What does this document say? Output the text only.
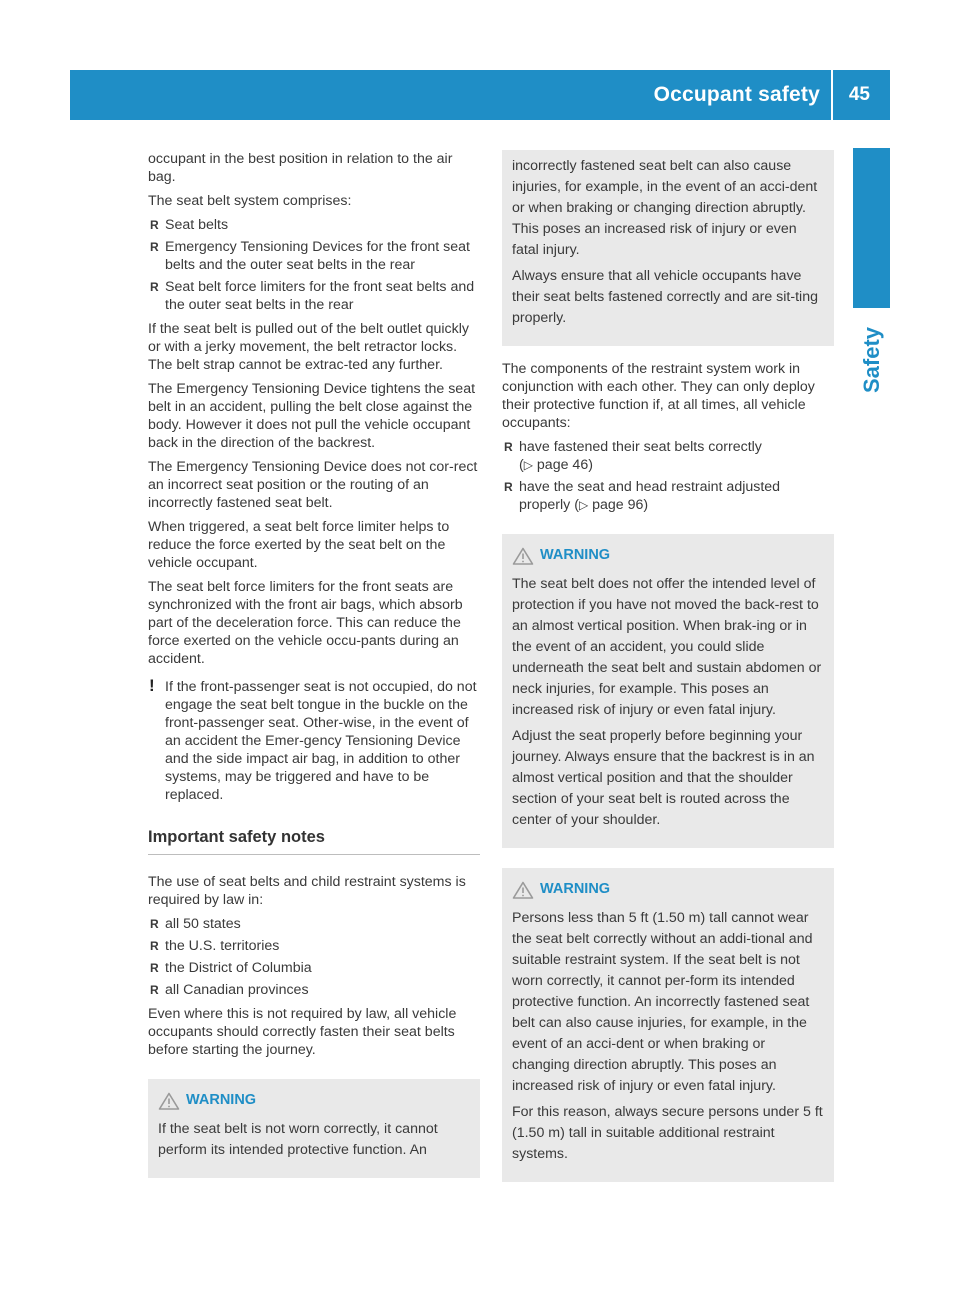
Occupant safety 45
Safety

occupant in the best position in relation to the air bag.

The seat belt system comprises:

R Seat belts
R Emergency Tensioning Devices for the front seat belts and the outer seat belts in the rear
R Seat belt force limiters for the front seat belts and the outer seat belts in the rear

If the seat belt is pulled out of the belt outlet quickly or with a jerky movement, the belt retractor locks. The belt strap cannot be extrac-ted any further.

The Emergency Tensioning Device tightens the seat belt in an accident, pulling the belt close against the body. However it does not pull the vehicle occupant back in the direction of the backrest.

The Emergency Tensioning Device does not cor-rect an incorrect seat position or the routing of an incorrectly fastened seat belt.

When triggered, a seat belt force limiter helps to reduce the force exerted by the seat belt on the vehicle occupant.

The seat belt force limiters for the front seats are synchronized with the front air bags, which absorb part of the deceleration force. This can reduce the force exerted on the vehicle occu-pants during an accident.

! If the front-passenger seat is not occupied, do not engage the seat belt tongue in the buckle on the front-passenger seat. Other-wise, in the event of an accident the Emer-gency Tensioning Device and the side impact air bag, in addition to other systems, may be triggered and have to be replaced.
Important safety notes

The use of seat belts and child restraint systems is required by law in:

R all 50 states
R the U.S. territories
R the District of Columbia
R all Canadian provinces

Even where this is not required by law, all vehicle occupants should correctly fasten their seat belts before starting the journey.

WARNING

If the seat belt is not worn correctly, it cannot perform its intended protective function. An

incorrectly fastened seat belt can also cause injuries, for example, in the event of an acci-dent or when braking or changing direction abruptly. This poses an increased risk of injury or even fatal injury.

Always ensure that all vehicle occupants have their seat belts fastened correctly and are sit-ting properly.

The components of the restraint system work in conjunction with each other. They can only deploy their protective function if, at all times, all vehicle occupants:

R have fastened their seat belts correctly
(▷ page 46)
R have the seat and head restraint adjusted properly (▷ page 96)
WARNING

The seat belt does not offer the intended level of protection if you have not moved the back-rest to an almost vertical position. When brak-ing or in the event of an accident, you could slide underneath the seat belt and sustain abdomen or neck injuries, for example. This poses an increased risk of injury or even fatal injury.

Adjust the seat properly before beginning your journey. Always ensure that the backrest is in an almost vertical position and that the shoulder section of your seat belt is routed across the center of your shoulder.

WARNING

Persons less than 5 ft (1.50 m) tall cannot wear the seat belt correctly without an addi-tional and suitable restraint system. If the seat belt is not worn correctly, it cannot per-form its intended protective function. An incorrectly fastened seat belt can also cause injuries, for example, in the event of an acci-dent or when braking or changing direction abruptly. This poses an increased risk of injury or even fatal injury.

For this reason, always secure persons under 5 ft (1.50 m) tall in suitable additional restraint systems.
